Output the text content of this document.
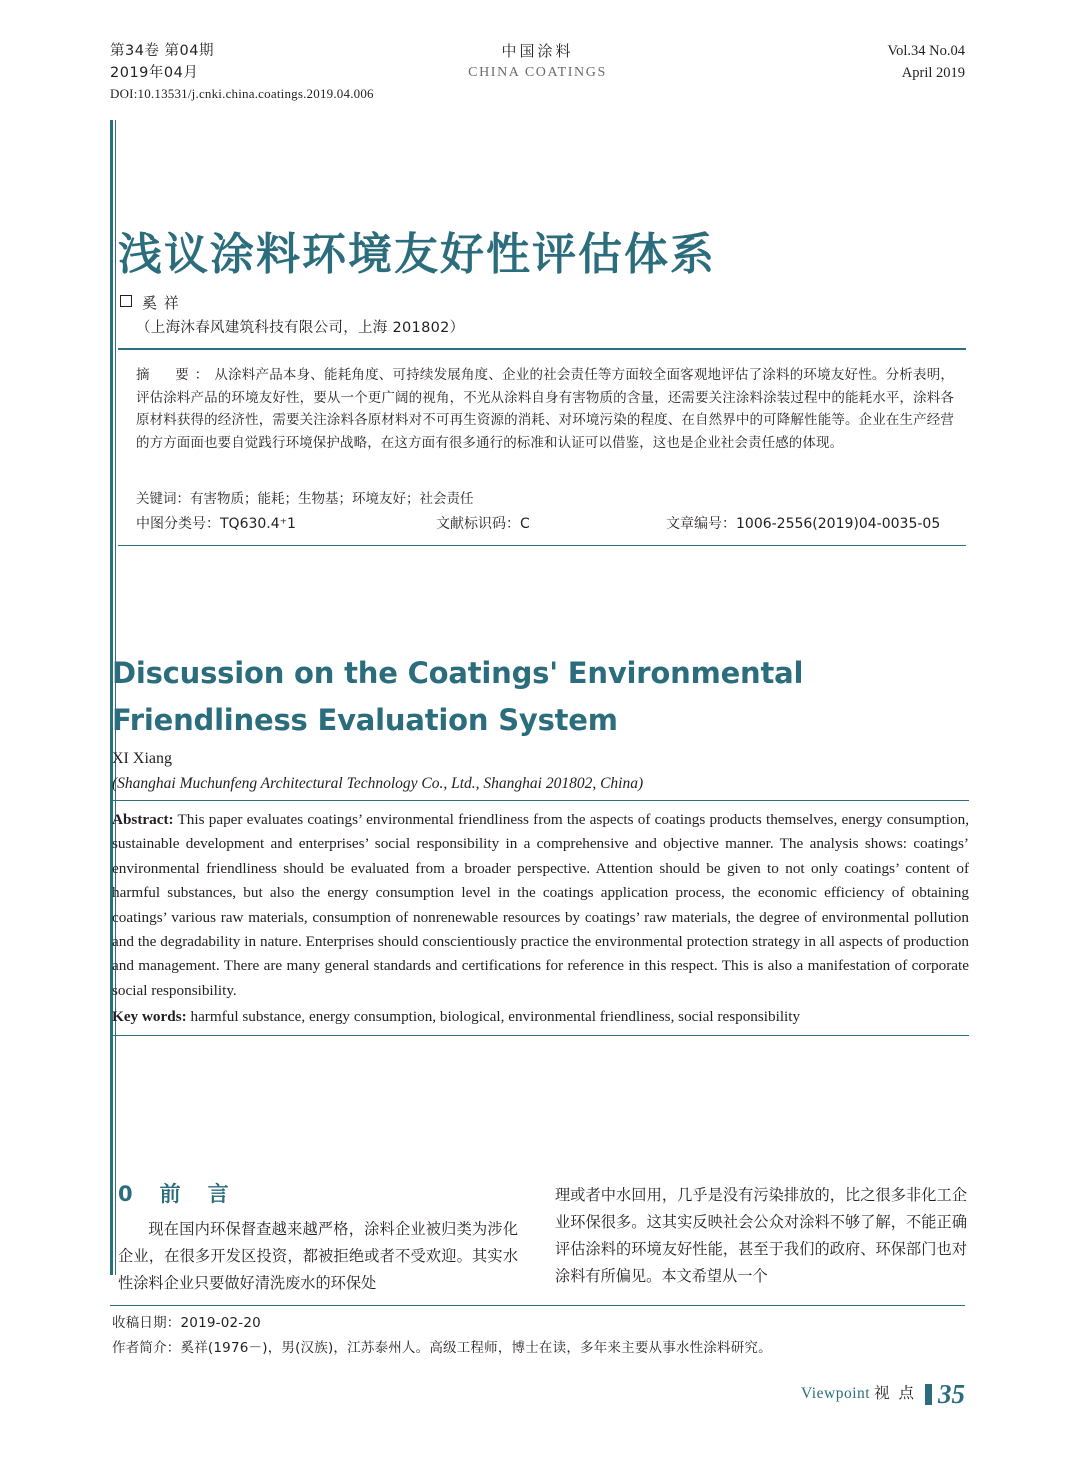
第34卷 第04期
2019年04月
中国涂料
CHINA COATINGS
Vol.34 No.04
April 2019
DOI:10.13531/j.cnki.china.coatings.2019.04.006
浅议涂料环境友好性评估体系
奚 祥
（上海沐春风建筑科技有限公司，上海 201802）
摘　要：从涂料产品本身、能耗角度、可持续发展角度、企业的社会责任等方面较全面客观地评估了涂料的环境友好性。分析表明，评估涂料产品的环境友好性，要从一个更广阔的视角，不光从涂料自身有害物质的含量，还需要关注涂料涂装过程中的能耗水平，涂料各原材料获得的经济性，需要关注涂料各原材料对不可再生资源的消耗、对环境污染的程度、在自然界中的可降解性能等。企业在生产经营的方方面面也要自觉践行环境保护战略，在这方面有很多通行的标准和认证可以借鉴，这也是企业社会责任感的体现。
关键词：有害物质；能耗；生物基；环境友好；社会责任
中图分类号：TQ630.4⁺1	文献标识码：C	文章编号：1006-2556(2019)04-0035-05
Discussion on the Coatings' Environmental Friendliness Evaluation System
XI Xiang
(Shanghai Muchunfeng Architectural Technology Co., Ltd., Shanghai 201802, China)
Abstract: This paper evaluates coatings’ environmental friendliness from the aspects of coatings products themselves, energy consumption, sustainable development and enterprises’ social responsibility in a comprehensive and objective manner. The analysis shows: coatings’ environmental friendliness should be evaluated from a broader perspective. Attention should be given to not only coatings’ content of harmful substances, but also the energy consumption level in the coatings application process, the economic efficiency of obtaining coatings’ various raw materials, consumption of nonrenewable resources by coatings’ raw materials, the degree of environmental pollution and the degradability in nature. Enterprises should conscientiously practice the environmental protection strategy in all aspects of production and management. There are many general standards and certifications for reference in this respect. This is also a manifestation of corporate social responsibility.
Key words: harmful substance, energy consumption, biological, environmental friendliness, social responsibility
0　前　言
现在国内环保督查越来越严格，涂料企业被归类为涉化企业，在很多开发区投资，都被拒绝或者不受欢迎。其实水性涂料企业只要做好清洗废水的环保处
理或者中水回用，几乎是没有污染排放的，比之很多非化工企业环保很多。这其实反映社会公众对涂料不够了解，不能正确评估涂料的环境友好性能，甚至于我们的政府、环保部门也对涂料有所偏见。本文希望从一个
收稿日期：2019-02-20
作者简介：奚祥(1976－)，男(汉族)，江苏泰州人。高级工程师，博士在读，多年来主要从事水性涂料研究。
Viewpoint 视 点 35
